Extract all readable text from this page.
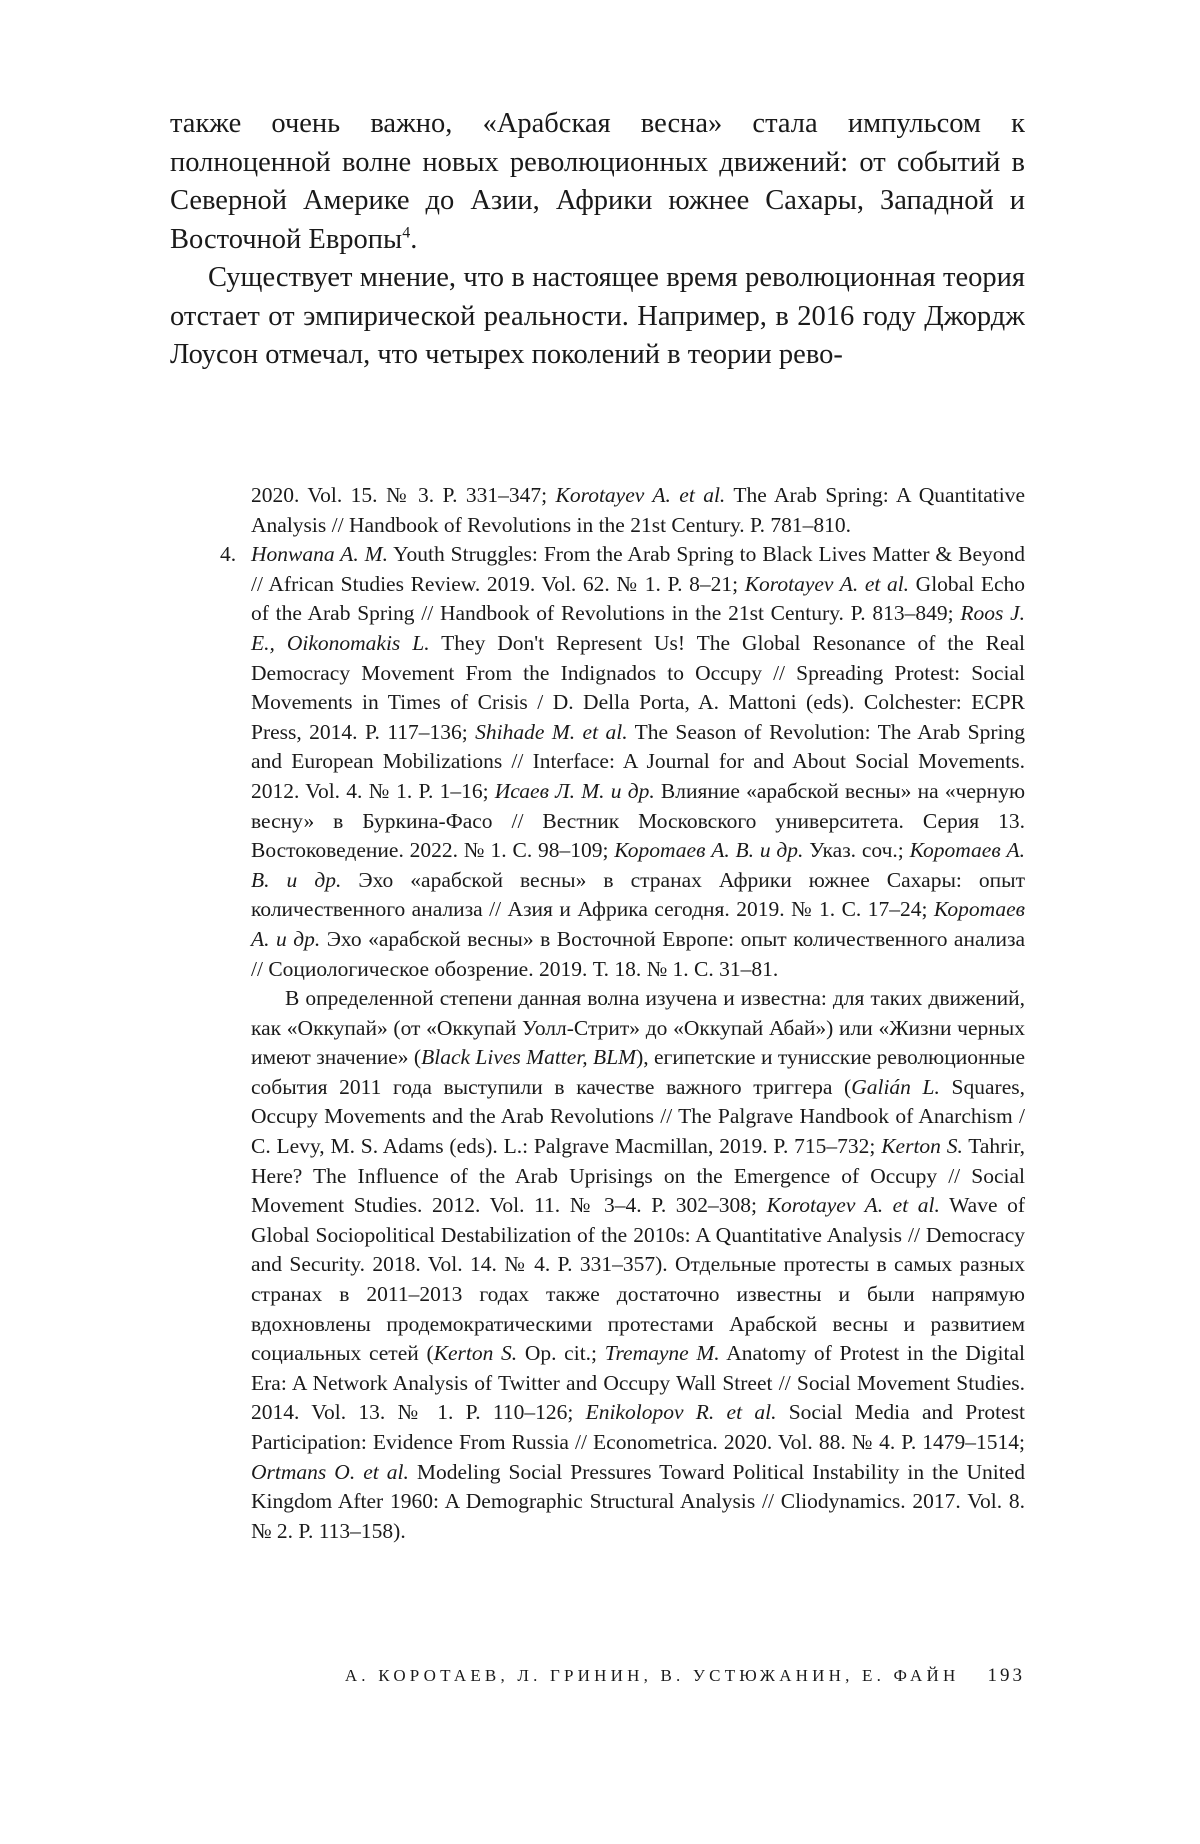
также очень важно, «Арабская весна» стала импульсом к полноценной волне новых революционных движений: от событий в Северной Америке до Азии, Африки южнее Сахары, Западной и Восточной Европы$^4$.

Существует мнение, что в настоящее время революционная теория отстает от эмпирической реальности. Например, в 2016 году Джордж Лоусон отмечал, что четырех поколений в теории рево-

2020. Vol. 15. № 3. P. 331–347; Korotayev A. et al. The Arab Spring: A Quantitative Analysis // Handbook of Revolutions in the 21st Century. P. 781–810.

4. Honwana A. M. Youth Struggles: From the Arab Spring to Black Lives Matter & Beyond // African Studies Review. 2019. Vol. 62. № 1. P. 8–21; Korotayev A. et al. Global Echo of the Arab Spring // Handbook of Revolutions in the 21st Century. P. 813–849; Roos J. E., Oikonomakis L. They Don't Represent Us! The Global Resonance of the Real Democracy Movement From the Indignados to Occupy // Spreading Protest: Social Movements in Times of Crisis / D. Della Porta, A. Mattoni (eds). Colchester: ECPR Press, 2014. P. 117–136; Shihade M. et al. The Season of Revolution: The Arab Spring and European Mobilizations // Interface: A Journal for and About Social Movements. 2012. Vol. 4. № 1. P. 1–16; Исаев Л. М. и др. Влияние «арабской весны» на «черную весну» в Буркина-Фасо // Вестник Московского университета. Серия 13. Востоковедение. 2022. № 1. С. 98–109; Коротаев А. В. и др. Указ. соч.; Коротаев А. В. и др. Эхо «арабской весны» в странах Африки южнее Сахары: опыт количественного анализа // Азия и Африка сегодня. 2019. № 1. С. 17–24; Коротаев А. и др. Эхо «арабской весны» в Восточной Европе: опыт количественного анализа // Социологическое обозрение. 2019. Т. 18. № 1. С. 31–81.

В определенной степени данная волна изучена и известна: для таких движений, как «Оккупай» (от «Оккупай Уолл-Стрит» до «Оккупай Абай») или «Жизни черных имеют значение» (Black Lives Matter, BLM), египетские и тунисские революционные события 2011 года выступили в качестве важного триггера (Galián L. Squares, Occupy Movements and the Arab Revolutions // The Palgrave Handbook of Anarchism / C. Levy, M. S. Adams (eds). L.: Palgrave Macmillan, 2019. P. 715–732; Kerton S. Tahrir, Here? The Influence of the Arab Uprisings on the Emergence of Occupy // Social Movement Studies. 2012. Vol. 11. № 3–4. P. 302–308; Korotayev A. et al. Wave of Global Sociopolitical Destabilization of the 2010s: A Quantitative Analysis // Democracy and Security. 2018. Vol. 14. № 4. P. 331–357). Отдельные протесты в самых разных странах в 2011–2013 годах также достаточно известны и были напрямую вдохновлены продемократическими протестами Арабской весны и развитием социальных сетей (Kerton S. Op. cit.; Tremayne M. Anatomy of Protest in the Digital Era: A Network Analysis of Twitter and Occupy Wall Street // Social Movement Studies. 2014. Vol. 13. № 1. P. 110–126; Enikolopov R. et al. Social Media and Protest Participation: Evidence From Russia // Econometrica. 2020. Vol. 88. № 4. P. 1479–1514; Ortmans O. et al. Modeling Social Pressures Toward Political Instability in the United Kingdom After 1960: A Demographic Structural Analysis // Cliodynamics. 2017. Vol. 8. № 2. P. 113–158).

А. КОРОТАЕВ, Л. ГРИНИН, В. УСТЮЖАНИН, Е. ФАЙН 193
